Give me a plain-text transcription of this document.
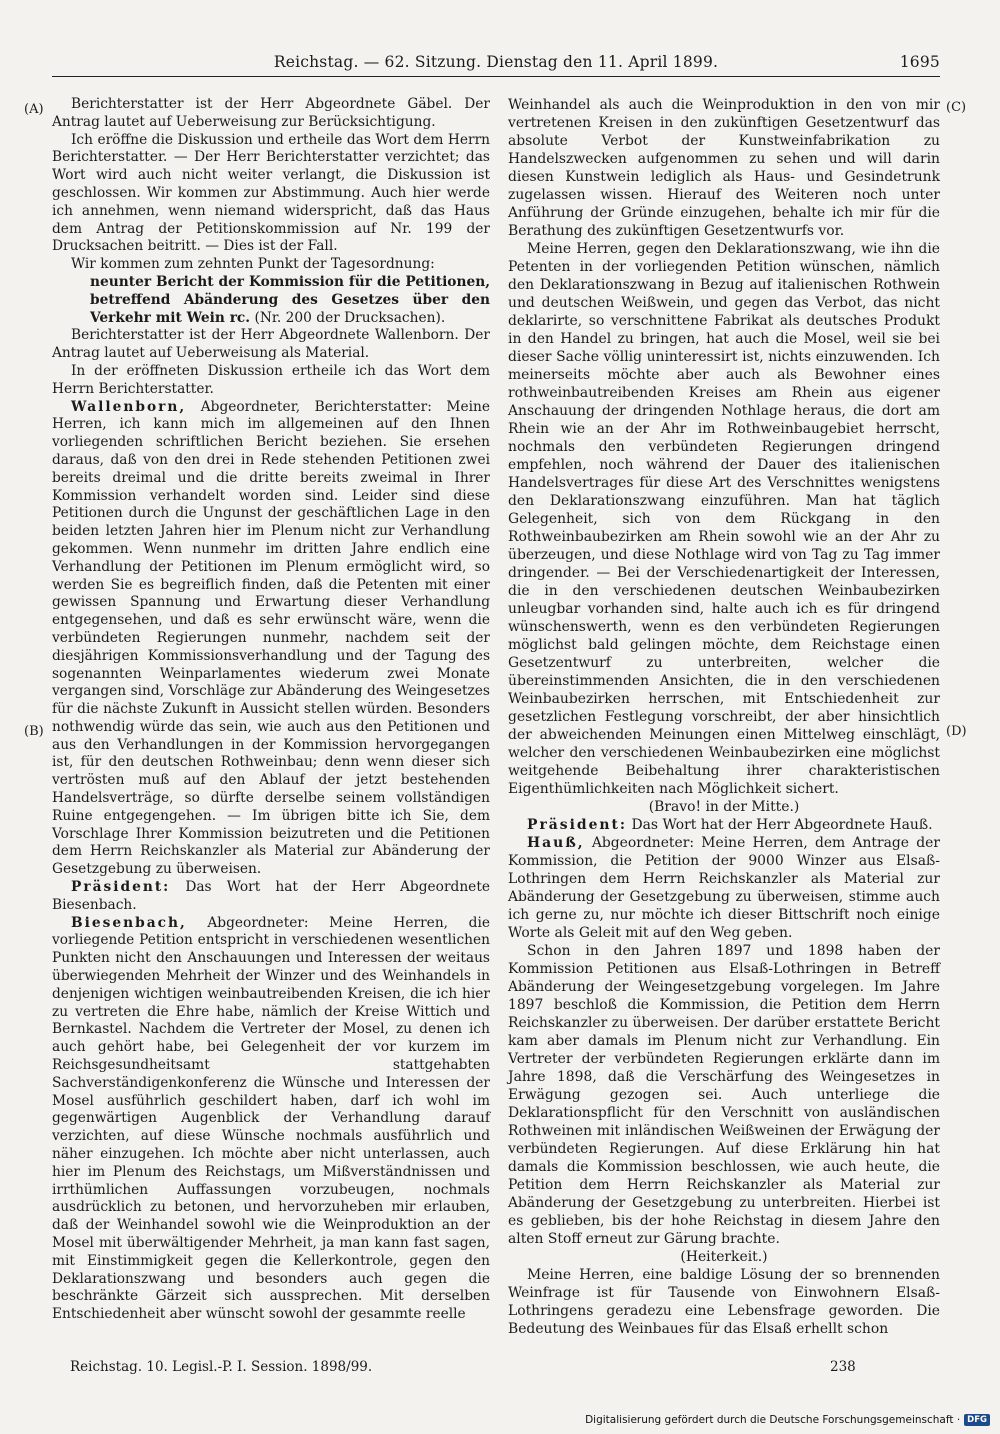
Reichstag. — 62. Sitzung. Dienstag den 11. April 1899.	1695
(A)
(B)
(C)
(D)

Berichterstatter ist der Herr Abgeordnete Gäbel. Der Antrag lautet auf Ueberweisung zur Berücksichtigung.

Ich eröffne die Diskussion und ertheile das Wort dem Herrn Berichterstatter. — Der Herr Berichterstatter verzichtet; das Wort wird auch nicht weiter verlangt, die Diskussion ist geschlossen. Wir kommen zur Abstimmung. Auch hier werde ich annehmen, wenn niemand widerspricht, daß das Haus dem Antrag der Petitionskommission auf Nr. 199 der Drucksachen beitritt. — Dies ist der Fall.

Wir kommen zum zehnten Punkt der Tagesordnung:

neunter Bericht der Kommission für die Petitionen, betreffend Abänderung des Gesetzes über den Verkehr mit Wein rc. (Nr. 200 der Drucksachen).

Berichterstatter ist der Herr Abgeordnete Wallenborn. Der Antrag lautet auf Ueberweisung als Material.

In der eröffneten Diskussion ertheile ich das Wort dem Herrn Berichterstatter.

Wallenborn, Abgeordneter, Berichterstatter: Meine Herren, ich kann mich im allgemeinen auf den Ihnen vorliegenden schriftlichen Bericht beziehen. Sie ersehen daraus, daß von den drei in Rede stehenden Petitionen zwei bereits dreimal und die dritte bereits zweimal in Ihrer Kommission verhandelt worden sind. Leider sind diese Petitionen durch die Ungunst der geschäftlichen Lage in den beiden letzten Jahren hier im Plenum nicht zur Verhandlung gekommen. Wenn nunmehr im dritten Jahre endlich eine Verhandlung der Petitionen im Plenum ermöglicht wird, so werden Sie es begreiflich finden, daß die Petenten mit einer gewissen Spannung und Erwartung dieser Verhandlung entgegensehen, und daß es sehr erwünscht wäre, wenn die verbündeten Regierungen nunmehr, nachdem seit der diesjährigen Kommissionsverhandlung und der Tagung des sogenannten Weinparlamentes wiederum zwei Monate vergangen sind, Vorschläge zur Abänderung des Weingesetzes für die nächste Zukunft in Aussicht stellen würden. Besonders nothwendig würde das sein, wie auch aus den Petitionen und aus den Verhandlungen in der Kommission hervorgegangen ist, für den deutschen Rothweinbau; denn wenn dieser sich vertrösten muß auf den Ablauf der jetzt bestehenden Handelsverträge, so dürfte derselbe seinem vollständigen Ruine entgegengehen. — Im übrigen bitte ich Sie, dem Vorschlage Ihrer Kommission beizutreten und die Petitionen dem Herrn Reichskanzler als Material zur Abänderung der Gesetzgebung zu überweisen.

Präsident: Das Wort hat der Herr Abgeordnete Biesenbach.

Biesenbach, Abgeordneter: Meine Herren, die vorliegende Petition entspricht in verschiedenen wesentlichen Punkten nicht den Anschauungen und Interessen der weitaus überwiegenden Mehrheit der Winzer und des Weinhandels in denjenigen wichtigen weinbautreibenden Kreisen, die ich hier zu vertreten die Ehre habe, nämlich der Kreise Wittich und Bernkastel. Nachdem die Vertreter der Mosel, zu denen ich auch gehört habe, bei Gelegenheit der vor kurzem im Reichsgesundheitsamt stattgehabten Sachverständigenkonferenz die Wünsche und Interessen der Mosel ausführlich geschildert haben, darf ich wohl im gegenwärtigen Augenblick der Verhandlung darauf verzichten, auf diese Wünsche nochmals ausführlich und näher einzugehen. Ich möchte aber nicht unterlassen, auch hier im Plenum des Reichstags, um Mißverständnissen und irrthümlichen Auffassungen vorzubeugen, nochmals ausdrücklich zu betonen, und hervorzuheben mir erlauben, daß der Weinhandel sowohl wie die Weinproduktion an der Mosel mit überwältigender Mehrheit, ja man kann fast sagen, mit Einstimmigkeit gegen die Kellerkontrole, gegen den Deklarationszwang und besonders auch gegen die beschränkte Gärzeit sich aussprechen. Mit derselben Entschiedenheit aber wünscht sowohl der gesammte reelle

Weinhandel als auch die Weinproduktion in den von mir vertretenen Kreisen in den zukünftigen Gesetzentwurf das absolute Verbot der Kunstweinfabrikation zu Handelszwecken aufgenommen zu sehen und will darin diesen Kunstwein lediglich als Haus- und Gesindetrunk zugelassen wissen. Hierauf des Weiteren noch unter Anführung der Gründe einzugehen, behalte ich mir für die Berathung des zukünftigen Gesetzentwurfs vor.

Meine Herren, gegen den Deklarationszwang, wie ihn die Petenten in der vorliegenden Petition wünschen, nämlich den Deklarationszwang in Bezug auf italienischen Rothwein und deutschen Weißwein, und gegen das Verbot, das nicht deklarirte, so verschnittene Fabrikat als deutsches Produkt in den Handel zu bringen, hat auch die Mosel, weil sie bei dieser Sache völlig uninteressirt ist, nichts einzuwenden. Ich meinerseits möchte aber auch als Bewohner eines rothweinbautreibenden Kreises am Rhein aus eigener Anschauung der dringenden Nothlage heraus, die dort am Rhein wie an der Ahr im Rothweinbaugebiet herrscht, nochmals den verbündeten Regierungen dringend empfehlen, noch während der Dauer des italienischen Handelsvertrages für diese Art des Verschnittes wenigstens den Deklarationszwang einzuführen. Man hat täglich Gelegenheit, sich von dem Rückgang in den Rothweinbaubezirken am Rhein sowohl wie an der Ahr zu überzeugen, und diese Nothlage wird von Tag zu Tag immer dringender. — Bei der Verschiedenartigkeit der Interessen, die in den verschiedenen deutschen Weinbaubezirken unleugbar vorhanden sind, halte auch ich es für dringend wünschenswerth, wenn es den verbündeten Regierungen möglichst bald gelingen möchte, dem Reichstage einen Gesetzentwurf zu unterbreiten, welcher die übereinstimmenden Ansichten, die in den verschiedenen Weinbaubezirken herrschen, mit Entschiedenheit zur gesetzlichen Festlegung vorschreibt, der aber hinsichtlich der abweichenden Meinungen einen Mittelweg einschlägt, welcher den verschiedenen Weinbaubezirken eine möglichst weitgehende Beibehaltung ihrer charakteristischen Eigenthümlichkeiten nach Möglichkeit sichert.

(Bravo! in der Mitte.)

Präsident: Das Wort hat der Herr Abgeordnete Hauß.

Hauß, Abgeordneter: Meine Herren, dem Antrage der Kommission, die Petition der 9000 Winzer aus Elsaß-Lothringen dem Herrn Reichskanzler als Material zur Abänderung der Gesetzgebung zu überweisen, stimme auch ich gerne zu, nur möchte ich dieser Bittschrift noch einige Worte als Geleit mit auf den Weg geben.

Schon in den Jahren 1897 und 1898 haben der Kommission Petitionen aus Elsaß-Lothringen in Betreff Abänderung der Weingesetzgebung vorgelegen. Im Jahre 1897 beschloß die Kommission, die Petition dem Herrn Reichskanzler zu überweisen. Der darüber erstattete Bericht kam aber damals im Plenum nicht zur Verhandlung. Ein Vertreter der verbündeten Regierungen erklärte dann im Jahre 1898, daß die Verschärfung des Weingesetzes in Erwägung gezogen sei. Auch unterliege die Deklarationspflicht für den Verschnitt von ausländischen Rothweinen mit inländischen Weißweinen der Erwägung der verbündeten Regierungen. Auf diese Erklärung hin hat damals die Kommission beschlossen, wie auch heute, die Petition dem Herrn Reichskanzler als Material zur Abänderung der Gesetzgebung zu unterbreiten. Hierbei ist es geblieben, bis der hohe Reichstag in diesem Jahre den alten Stoff erneut zur Gärung brachte.

(Heiterkeit.)

Meine Herren, eine baldige Lösung der so brennenden Weinfrage ist für Tausende von Einwohnern Elsaß-Lothringens geradezu eine Lebensfrage geworden. Die Bedeutung des Weinbaues für das Elsaß erhellt schon

Reichstag. 10. Legisl.-P. I. Session. 1898/99.	238
Digitalisierung gefördert durch die Deutsche Forschungsgemeinschaft · DFG
